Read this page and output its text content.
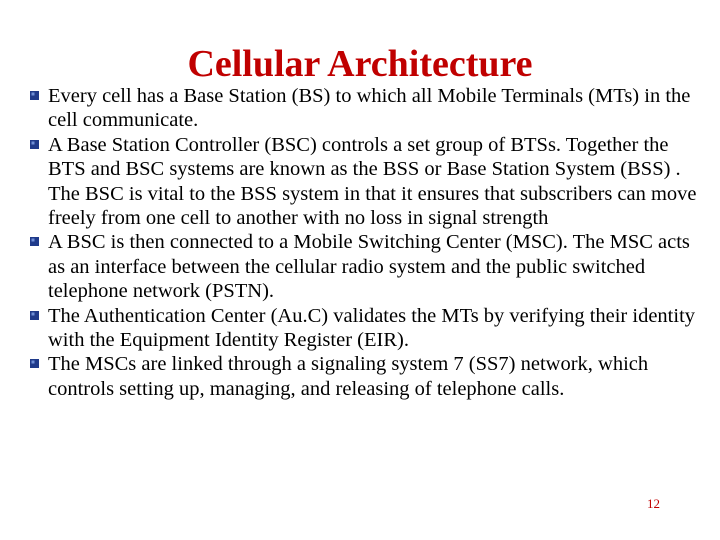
Cellular Architecture
Every cell has a Base Station (BS) to which all Mobile Terminals (MTs) in the cell communicate.
A Base Station Controller (BSC) controls a set group of BTSs. Together the BTS and BSC systems are known as the BSS or Base Station System (BSS) . The BSC is vital to the BSS system in that it ensures that subscribers can move freely from one cell to another with no loss in signal strength
A BSC is then connected to a Mobile Switching Center (MSC). The MSC acts as an interface between the cellular radio system and the public switched telephone network (PSTN).
The Authentication Center (Au.C) validates the MTs by verifying their identity with the Equipment Identity Register (EIR).
The MSCs are linked through a signaling system 7 (SS7) network, which controls setting up, managing, and releasing of telephone calls.
12
